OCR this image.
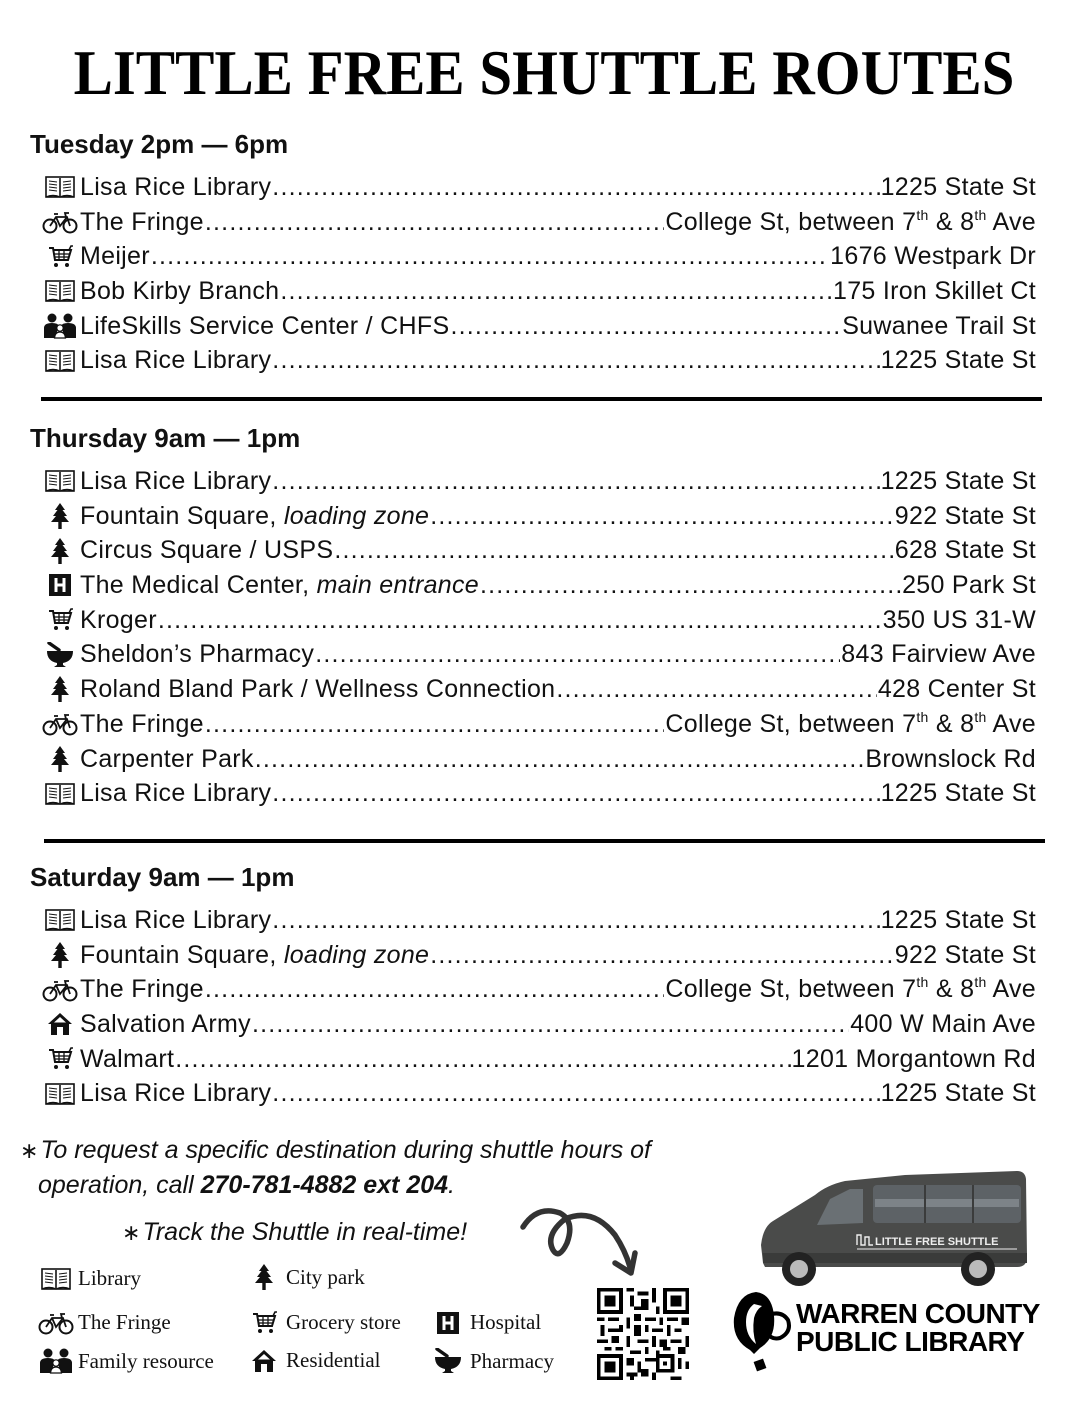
LITTLE FREE SHUTTLE ROUTES
Tuesday 2pm — 6pm
Lisa Rice Library .....	1225 State St
The Fringe .....	College St, between 7th & 8th Ave
Meijer .....	1676 Westpark Dr
Bob Kirby Branch .....	175 Iron Skillet Ct
LifeSkills Service Center / CHFS .....	Suwanee Trail St
Lisa Rice Library .....	1225 State St
Thursday 9am — 1pm
Lisa Rice Library .....	1225 State St
Fountain Square, loading zone .....	922 State St
Circus Square / USPS .....	628 State St
The Medical Center, main entrance .....	250 Park St
Kroger .....	350 US 31-W
Sheldon’s Pharmacy .....	843 Fairview Ave
Roland Bland Park / Wellness Connection .....	428 Center St
The Fringe .....	College St, between 7th & 8th Ave
Carpenter Park .....	Brownslock Rd
Lisa Rice Library .....	1225 State St
Saturday 9am — 1pm
Lisa Rice Library .....	1225 State St
Fountain Square, loading zone .....	922 State St
The Fringe .....	College St, between 7th & 8th Ave
Salvation Army .....	400 W Main Ave
Walmart .....	1201 Morgantown Rd
Lisa Rice Library .....	1225 State St
∗To request a specific destination during shuttle hours of
operation, call 270-781-4882 ext 204.
∗Track the Shuttle in real-time!
Library	City park
The Fringe	Grocery store	Hospital
Family resource	Residential	Pharmacy
LITTLE FREE SHUTTLE
WARREN COUNTY
PUBLIC LIBRARY
